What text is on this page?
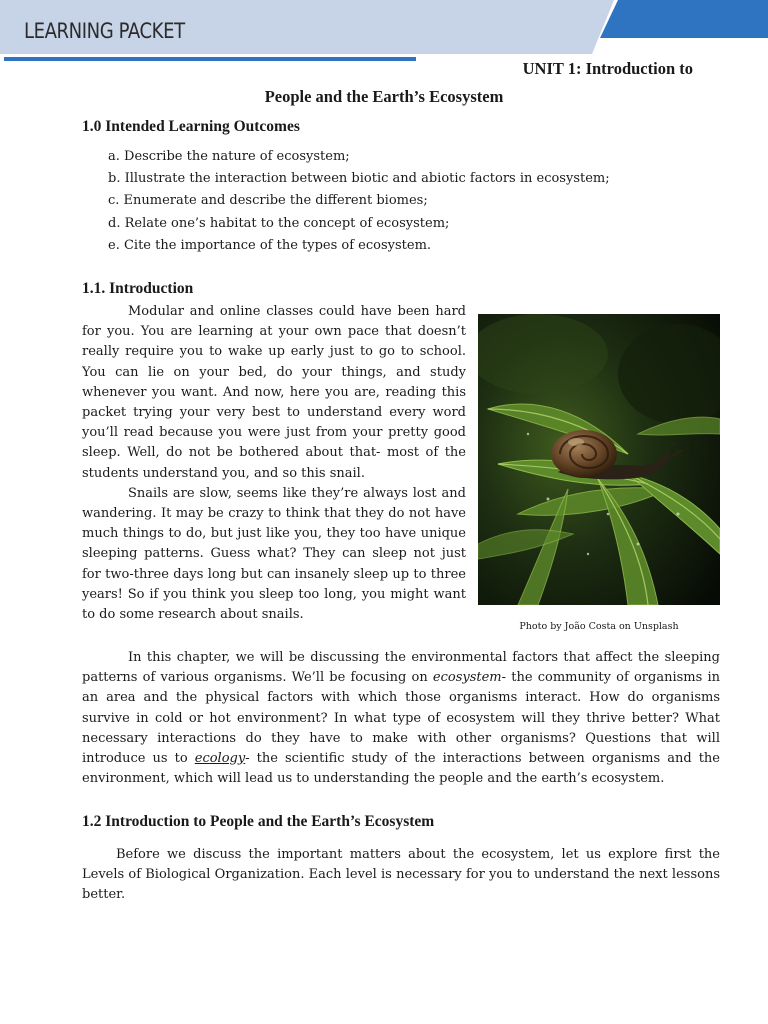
LEARNING PACKET
UNIT 1: Introduction to
People and the Earth’s Ecosystem
1.0 Intended Learning Outcomes
a. Describe the nature of ecosystem;
b. Illustrate the interaction between biotic and abiotic factors in ecosystem;
c. Enumerate and describe the different biomes;
d. Relate one’s habitat to the concept of ecosystem;
e. Cite the importance of the types of ecosystem.
1.1. Introduction

Modular and online classes could have been hard for you. You are learning at your own pace that doesn’t really require you to wake up early just to go to school. You can lie on your bed, do your things, and study whenever you want. And now, here you are, reading this packet trying your very best to understand every word you’ll read because you were just from your pretty good sleep. Well, do not be bothered about that- most of the students understand you, and so this snail.

Snails are slow, seems like they’re always lost and wandering. It may be crazy to think that they do not have much things to do, but just like you, they too have unique sleeping patterns. Guess what? They can sleep not just for two-three days long but can insanely sleep up to three years! So if you think you sleep too long, you might want to do some research about snails.

Photo by João Costa on Unsplash

In this chapter, we will be discussing the environmental factors that affect the sleeping patterns of various organisms. We’ll be focusing on ecosystem- the community of organisms in an area and the physical factors with which those organisms interact. How do organisms survive in cold or hot environment? In what type of ecosystem will they thrive better? What necessary interactions do they have to make with other organisms? Questions that will introduce us to ecology- the scientific study of the interactions between organisms and the environment, which will lead us to understanding the people and the earth’s ecosystem.

1.2 Introduction to People and the Earth’s Ecosystem

Before we discuss the important matters about the ecosystem, let us explore first the Levels of Biological Organization. Each level is necessary for you to understand the next lessons better.
